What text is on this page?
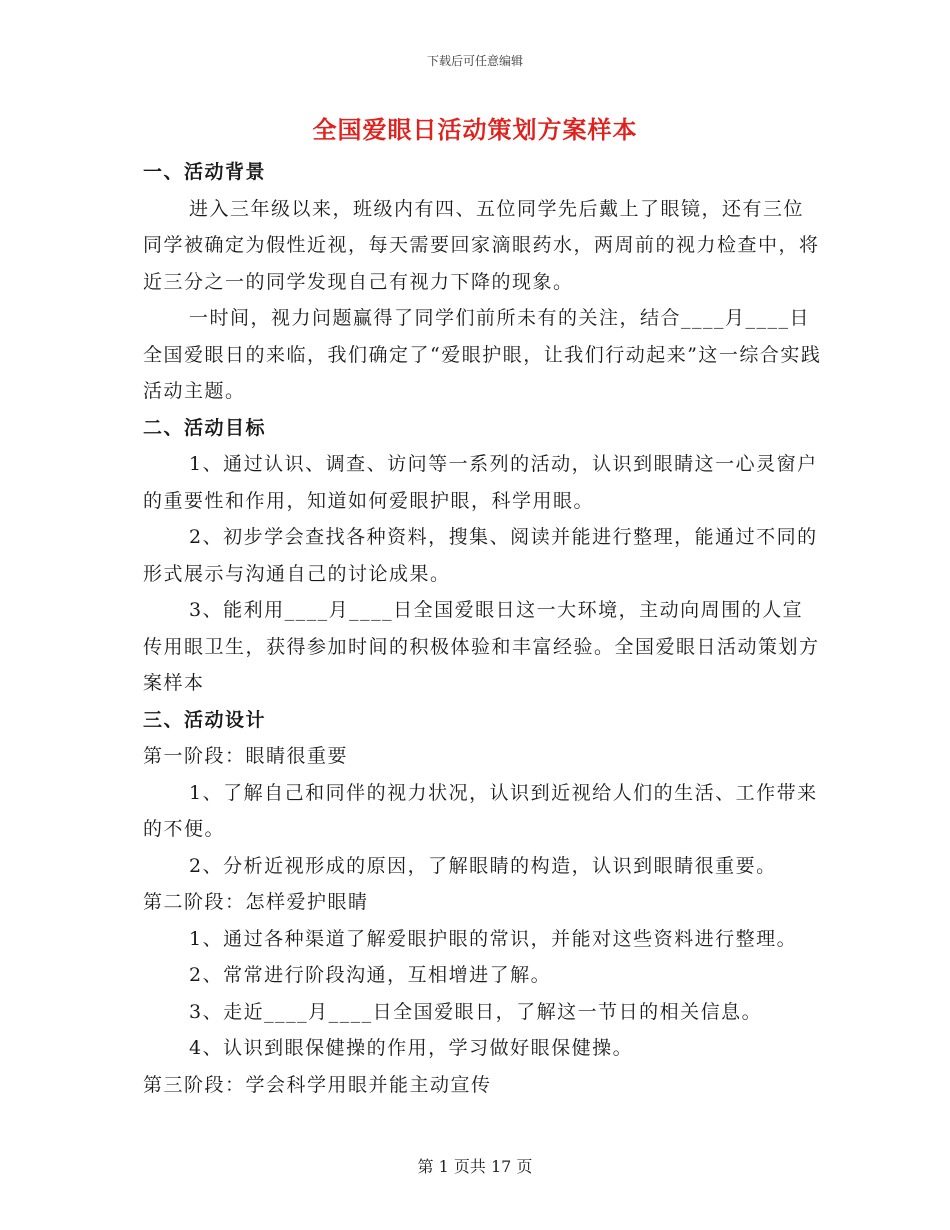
下载后可任意编辑
全国爱眼日活动策划方案样本

一、活动背景

进入三年级以来，班级内有四、五位同学先后戴上了眼镜，还有三位同学被确定为假性近视，每天需要回家滴眼药水，两周前的视力检查中，将近三分之一的同学发现自己有视力下降的现象。

一时间，视力问题赢得了同学们前所未有的关注，结合____月____日全国爱眼日的来临，我们确定了“爱眼护眼，让我们行动起来”这一综合实践活动主题。

二、活动目标

1、通过认识、调查、访问等一系列的活动，认识到眼睛这一心灵窗户的重要性和作用，知道如何爱眼护眼，科学用眼。

2、初步学会查找各种资料，搜集、阅读并能进行整理，能通过不同的形式展示与沟通自己的讨论成果。

3、能利用____月____日全国爱眼日这一大环境，主动向周围的人宣传用眼卫生，获得参加时间的积极体验和丰富经验。全国爱眼日活动策划方案样本

三、活动设计

第一阶段：眼睛很重要

1、了解自己和同伴的视力状况，认识到近视给人们的生活、工作带来的不便。

2、分析近视形成的原因，了解眼睛的构造，认识到眼睛很重要。

第二阶段：怎样爱护眼睛

1、通过各种渠道了解爱眼护眼的常识，并能对这些资料进行整理。

2、常常进行阶段沟通，互相增进了解。

3、走近____月____日全国爱眼日，了解这一节日的相关信息。

4、认识到眼保健操的作用，学习做好眼保健操。

第三阶段：学会科学用眼并能主动宣传

第 1 页共 17 页
